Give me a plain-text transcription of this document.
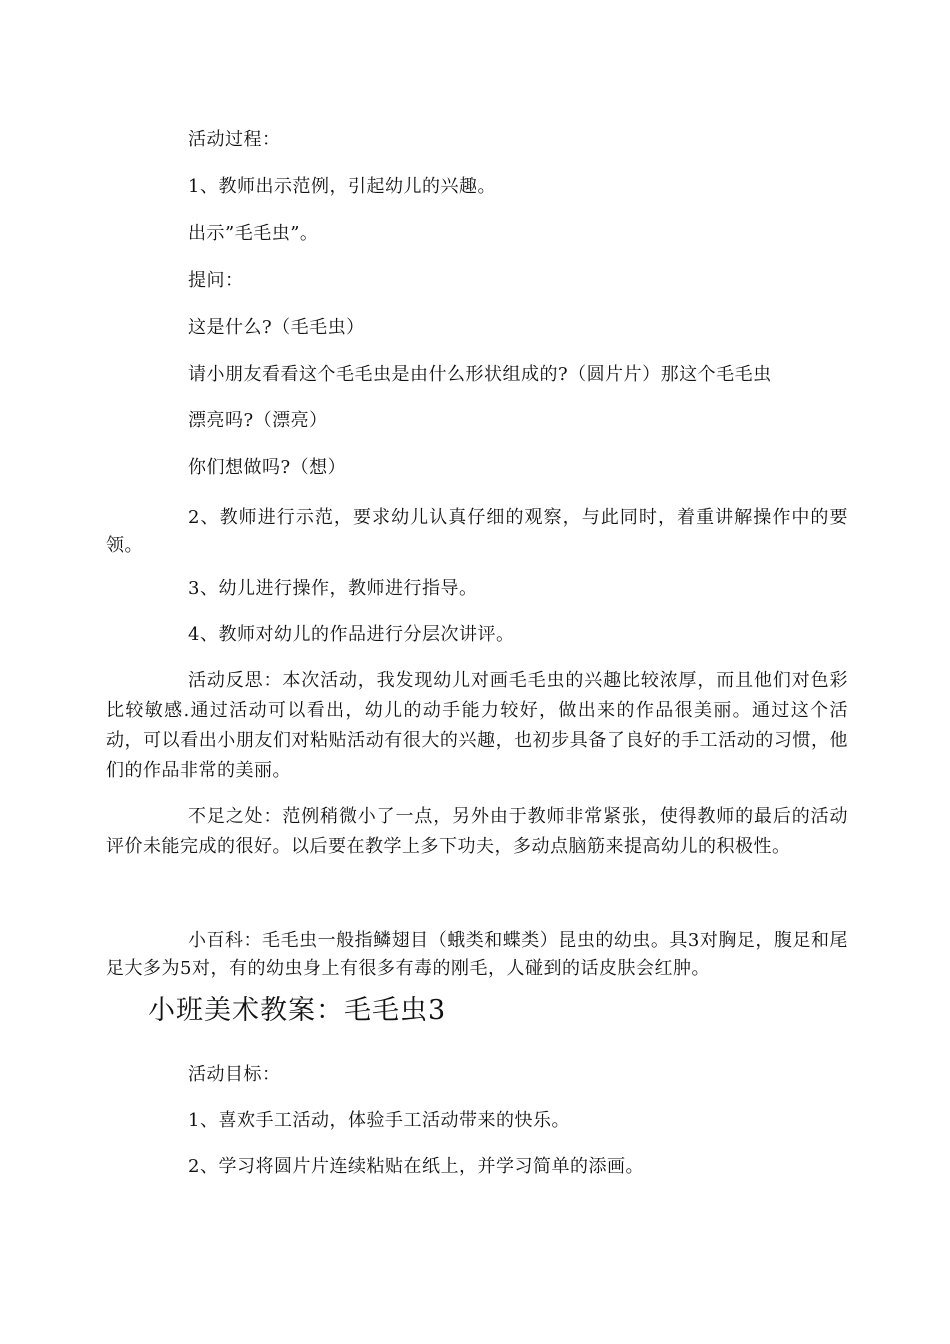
活动过程：
1、教师出示范例，引起幼儿的兴趣。
出示”毛毛虫”。
提问：
这是什么?（毛毛虫）
请小朋友看看这个毛毛虫是由什么形状组成的?（圆片片）那这个毛毛虫
漂亮吗?（漂亮）
你们想做吗?（想）
2、教师进行示范，要求幼儿认真仔细的观察，与此同时，着重讲解操作中的要领。
3、幼儿进行操作，教师进行指导。
4、教师对幼儿的作品进行分层次讲评。
活动反思：本次活动，我发现幼儿对画毛毛虫的兴趣比较浓厚，而且他们对色彩比较敏感.通过活动可以看出，幼儿的动手能力较好，做出来的作品很美丽。通过这个活动，可以看出小朋友们对粘贴活动有很大的兴趣，也初步具备了良好的手工活动的习惯，他们的作品非常的美丽。
不足之处：范例稍微小了一点，另外由于教师非常紧张，使得教师的最后的活动评价未能完成的很好。以后要在教学上多下功夫，多动点脑筋来提高幼儿的积极性。
小百科：毛毛虫一般指鳞翅目（蛾类和蝶类）昆虫的幼虫。具3对胸足，腹足和尾足大多为5对，有的幼虫身上有很多有毒的刚毛，人碰到的话皮肤会红肿。
小班美术教案：毛毛虫3
活动目标：
1、喜欢手工活动，体验手工活动带来的快乐。
2、学习将圆片片连续粘贴在纸上，并学习简单的添画。
